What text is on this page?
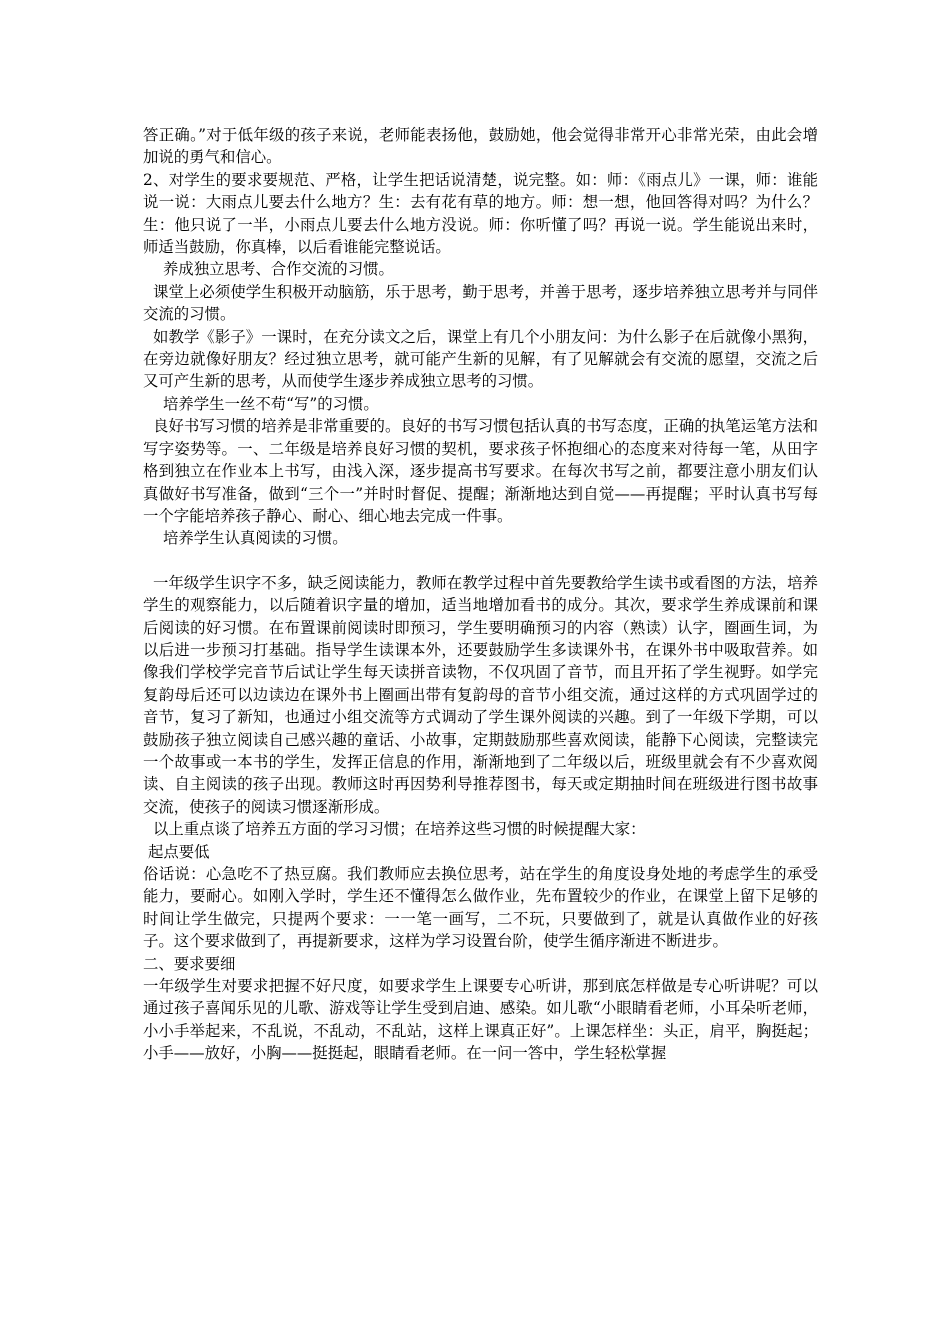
答正确。”对于低年级的孩子来说，老师能表扬他，鼓励她，他会觉得非常开心非常光荣，由此会增加说的勇气和信心。

2、对学生的要求要规范、严格，让学生把话说清楚，说完整。如：师：《雨点儿》一课，师：谁能说一说：大雨点儿要去什么地方？生：去有花有草的地方。师：想一想，他回答得对吗？为什么？生：他只说了一半，小雨点儿要去什么地方没说。师：你听懂了吗？再说一说。学生能说出来时，师适当鼓励，你真棒，以后看谁能完整说话。

养成独立思考、合作交流的习惯。

课堂上必须使学生积极开动脑筋，乐于思考，勤于思考，并善于思考，逐步培养独立思考并与同伴交流的习惯。

如教学《影子》一课时，在充分读文之后，课堂上有几个小朋友问：为什么影子在后就像小黑狗，在旁边就像好朋友？经过独立思考，就可能产生新的见解，有了见解就会有交流的愿望，交流之后又可产生新的思考，从而使学生逐步养成独立思考的习惯。

培养学生一丝不苟“写”的习惯。

良好书写习惯的培养是非常重要的。良好的书写习惯包括认真的书写态度，正确的执笔运笔方法和写字姿势等。一、二年级是培养良好习惯的契机，要求孩子怀抱细心的态度来对待每一笔，从田字格到独立在作业本上书写，由浅入深，逐步提高书写要求。在每次书写之前，都要注意小朋友们认真做好书写准备，做到“三个一”并时时督促、提醒；渐渐地达到自觉——再提醒；平时认真书写每一个字能培养孩子静心、耐心、细心地去完成一件事。

培养学生认真阅读的习惯。

一年级学生识字不多，缺乏阅读能力，教师在教学过程中首先要教给学生读书或看图的方法，培养学生的观察能力，以后随着识字量的增加，适当地增加看书的成分。其次，要求学生养成课前和课后阅读的好习惯。在布置课前阅读时即预习，学生要明确预习的内容（熟读）认字，圈画生词，为以后进一步预习打基础。指导学生读课本外，还要鼓励学生多读课外书，在课外书中吸取营养。如像我们学校学完音节后试让学生每天读拼音读物，不仅巩固了音节，而且开拓了学生视野。如学完复韵母后还可以边读边在课外书上圈画出带有复韵母的音节小组交流，通过这样的方式巩固学过的音节，复习了新知，也通过小组交流等方式调动了学生课外阅读的兴趣。到了一年级下学期，可以鼓励孩子独立阅读自己感兴趣的童话、小故事，定期鼓励那些喜欢阅读，能静下心阅读，完整读完一个故事或一本书的学生，发挥正信息的作用，渐渐地到了二年级以后，班级里就会有不少喜欢阅读、自主阅读的孩子出现。教师这时再因势利导推荐图书，每天或定期抽时间在班级进行图书故事交流，使孩子的阅读习惯逐渐形成。

以上重点谈了培养五方面的学习习惯；在培养这些习惯的时候提醒大家：

起点要低

俗话说：心急吃不了热豆腐。我们教师应去换位思考，站在学生的角度设身处地的考虑学生的承受能力，要耐心。如刚入学时，学生还不懂得怎么做作业，先布置较少的作业，在课堂上留下足够的时间让学生做完，只提两个要求：一一笔一画写，二不玩，只要做到了，就是认真做作业的好孩子。这个要求做到了，再提新要求，这样为学习设置台阶，使学生循序渐进不断进步。

二、要求要细

一年级学生对要求把握不好尺度，如要求学生上课要专心听讲，那到底怎样做是专心听讲呢？可以通过孩子喜闻乐见的儿歌、游戏等让学生受到启迪、感染。如儿歌“小眼睛看老师，小耳朵听老师，小小手举起来，不乱说，不乱动，不乱站，这样上课真正好”。上课怎样坐：头正，肩平，胸挺起；小手——放好，小胸——挺挺起，眼睛看老师。在一问一答中，学生轻松掌握
